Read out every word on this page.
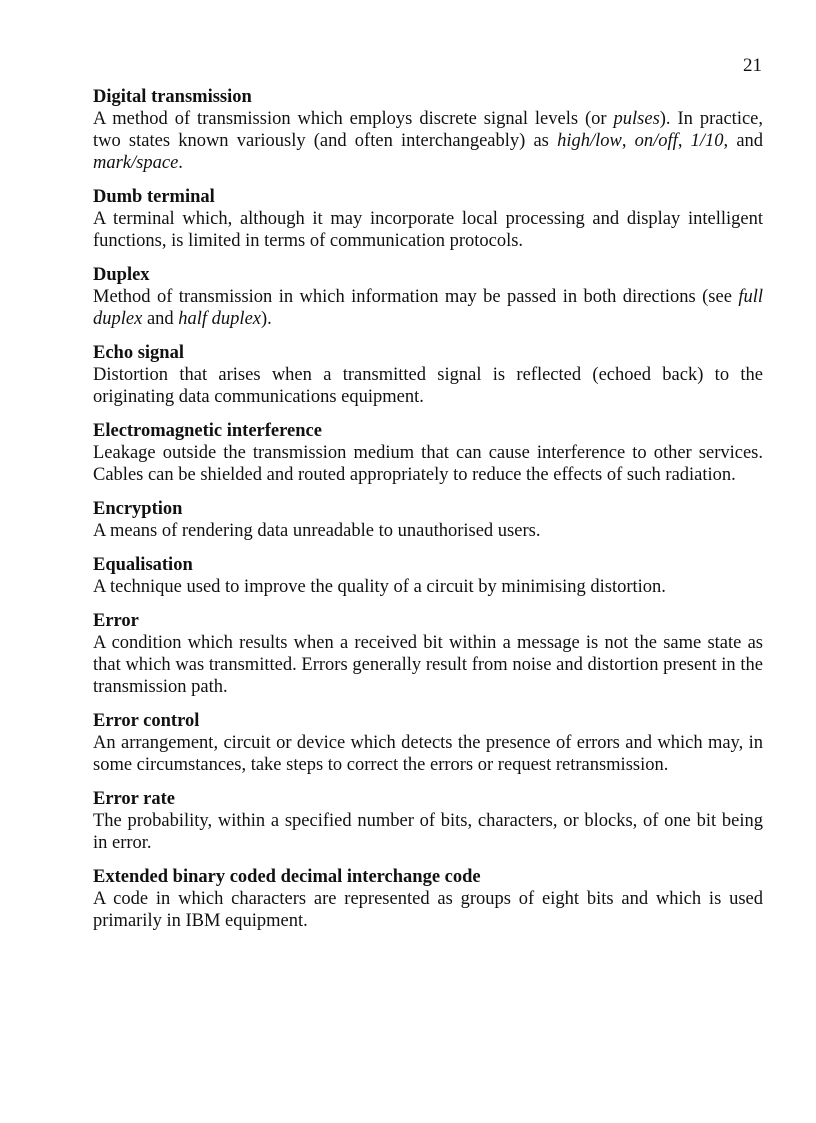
21
Digital transmission
A method of transmission which employs discrete signal levels (or pulses). In practice, two states known variously (and often interchangeably) as high/low, on/off, 1/10, and mark/space.
Dumb terminal
A terminal which, although it may incorporate local processing and display intelligent functions, is limited in terms of communication protocols.
Duplex
Method of transmission in which information may be passed in both directions (see full duplex and half duplex).
Echo signal
Distortion that arises when a transmitted signal is reflected (echoed back) to the originating data communications equipment.
Electromagnetic interference
Leakage outside the transmission medium that can cause interference to other services. Cables can be shielded and routed appropriately to reduce the effects of such radiation.
Encryption
A means of rendering data unreadable to unauthorised users.
Equalisation
A technique used to improve the quality of a circuit by minimising distortion.
Error
A condition which results when a received bit within a message is not the same state as that which was transmitted. Errors generally result from noise and distortion present in the transmission path.
Error control
An arrangement, circuit or device which detects the presence of errors and which may, in some circumstances, take steps to correct the errors or request retransmission.
Error rate
The probability, within a specified number of bits, characters, or blocks, of one bit being in error.
Extended binary coded decimal interchange code
A code in which characters are represented as groups of eight bits and which is used primarily in IBM equipment.
